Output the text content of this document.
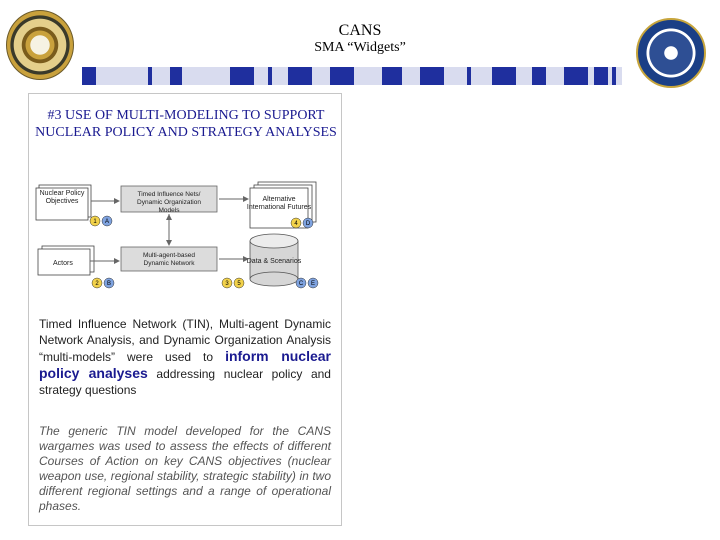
CANS
SMA “Widgets”
#3 USE OF MULTI-MODELING TO SUPPORT NUCLEAR POLICY AND STRATEGY ANALYSES
Nuclear Policy Objectives
Timed Influence Nets/ Dynamic Organization Models
Alternative International Futures
Actors
Multi-agent-based Dynamic Network	Data & Scenarios
1 A	4 D
2 B	3 5	C E
Timed Influence Network (TIN), Multi-agent Dynamic Network Analysis, and Dynamic Organization Analysis “multi-models” were used to inform nuclear policy analyses addressing nuclear policy and strategy questions
The generic TIN model developed for the CANS wargames was used to assess the effects of different Courses of Action on key CANS objectives (nuclear weapon use, regional stability, strategic stability) in two different regional settings and a range of operational phases.
